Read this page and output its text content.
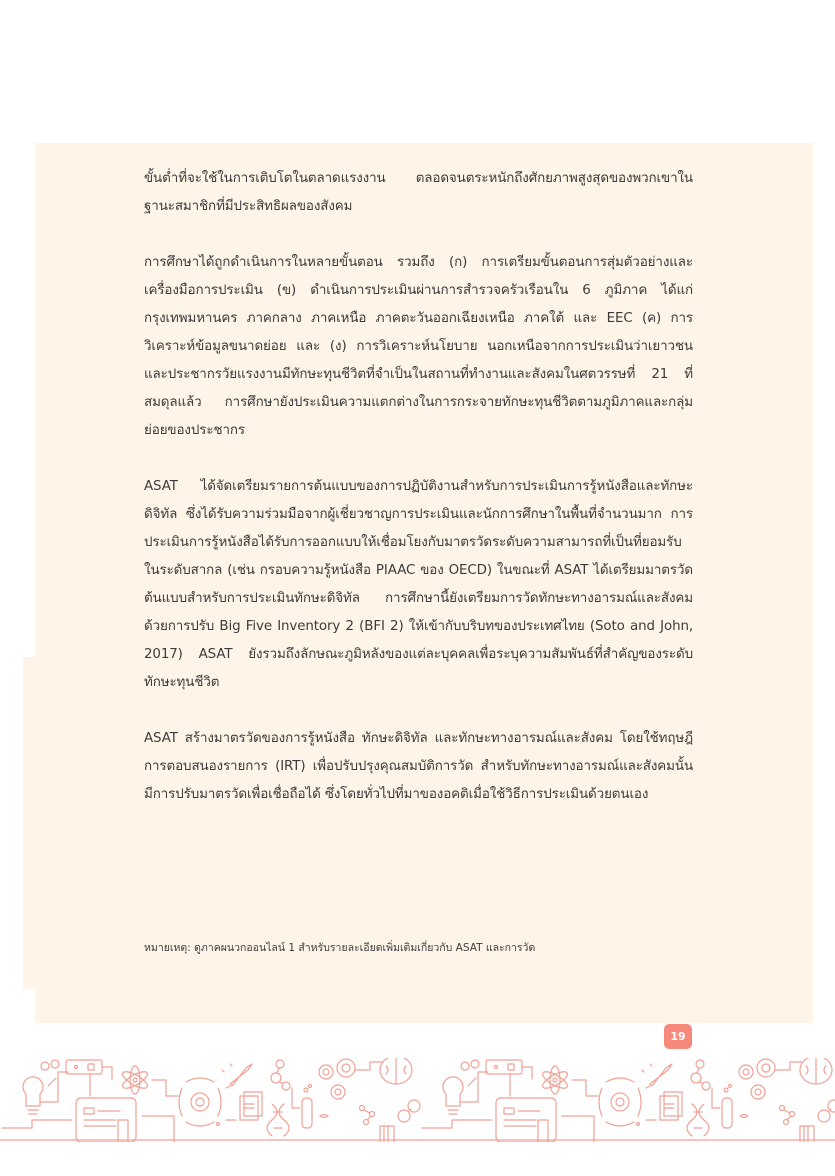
ขั้นต่ำที่จะใช้ในการเติบโตในตลาดแรงงาน ตลอดจนตระหนักถึงศักยภาพสูงสุดของพวกเขาในฐานะสมาชิกที่มีประสิทธิผลของสังคม

การศึกษาได้ถูกดำเนินการในหลายขั้นตอน รวมถึง (ก) การเตรียมขั้นตอนการสุ่มตัวอย่างและเครื่องมือการประเมิน (ข) ดำเนินการประเมินผ่านการสำรวจครัวเรือนใน 6 ภูมิภาค ได้แก่ กรุงเทพมหานคร ภาคกลาง ภาคเหนือ ภาคตะวันออกเฉียงเหนือ ภาคใต้ และ EEC (ค) การวิเคราะห์ข้อมูลขนาดย่อย และ (ง) การวิเคราะห์นโยบาย นอกเหนือจากการประเมินว่าเยาวชนและประชากรวัยแรงงานมีทักษะทุนชีวิตที่จำเป็นในสถานที่ทำงานและสังคมในศตวรรษที่ 21 ที่สมดุลแล้ว การศึกษายังประเมินความแตกต่างในการกระจายทักษะทุนชีวิตตามภูมิภาคและกลุ่มย่อยของประชากร

ASAT ได้จัดเตรียมรายการต้นแบบของการปฏิบัติงานสำหรับการประเมินการรู้หนังสือและทักษะดิจิทัล ซึ่งได้รับความร่วมมือจากผู้เชี่ยวชาญการประเมินและนักการศึกษาในพื้นที่จำนวนมาก การประเมินการรู้หนังสือได้รับการออกแบบให้เชื่อมโยงกับมาตรวัดระดับความสามารถที่เป็นที่ยอมรับในระดับสากล (เช่น กรอบความรู้หนังสือ PIAAC ของ OECD) ในขณะที่ ASAT ได้เตรียมมาตรวัดต้นแบบสำหรับการประเมินทักษะดิจิทัล การศึกษานี้ยังเตรียมการวัดทักษะทางอารมณ์และสังคมด้วยการปรับ Big Five Inventory 2 (BFI 2) ให้เข้ากับบริบทของประเทศไทย (Soto and John, 2017) ASAT ยังรวมถึงลักษณะภูมิหลังของแต่ละบุคคลเพื่อระบุความสัมพันธ์ที่สำคัญของระดับทักษะทุนชีวิต

ASAT สร้างมาตรวัดของการรู้หนังสือ ทักษะดิจิทัล และทักษะทางอารมณ์และสังคม โดยใช้ทฤษฎีการตอบสนองรายการ (IRT) เพื่อปรับปรุงคุณสมบัติการวัด สำหรับทักษะทางอารมณ์และสังคมนั้น มีการปรับมาตรวัดเพื่อเชื่อถือได้ ซึ่งโดยทั่วไปที่มาของอคติเมื่อใช้วิธีการประเมินด้วยตนเอง

หมายเหตุ: ดูภาคผนวกออนไลน์ 1 สำหรับรายละเอียดเพิ่มเติมเกี่ยวกับ ASAT และการวัด
19
